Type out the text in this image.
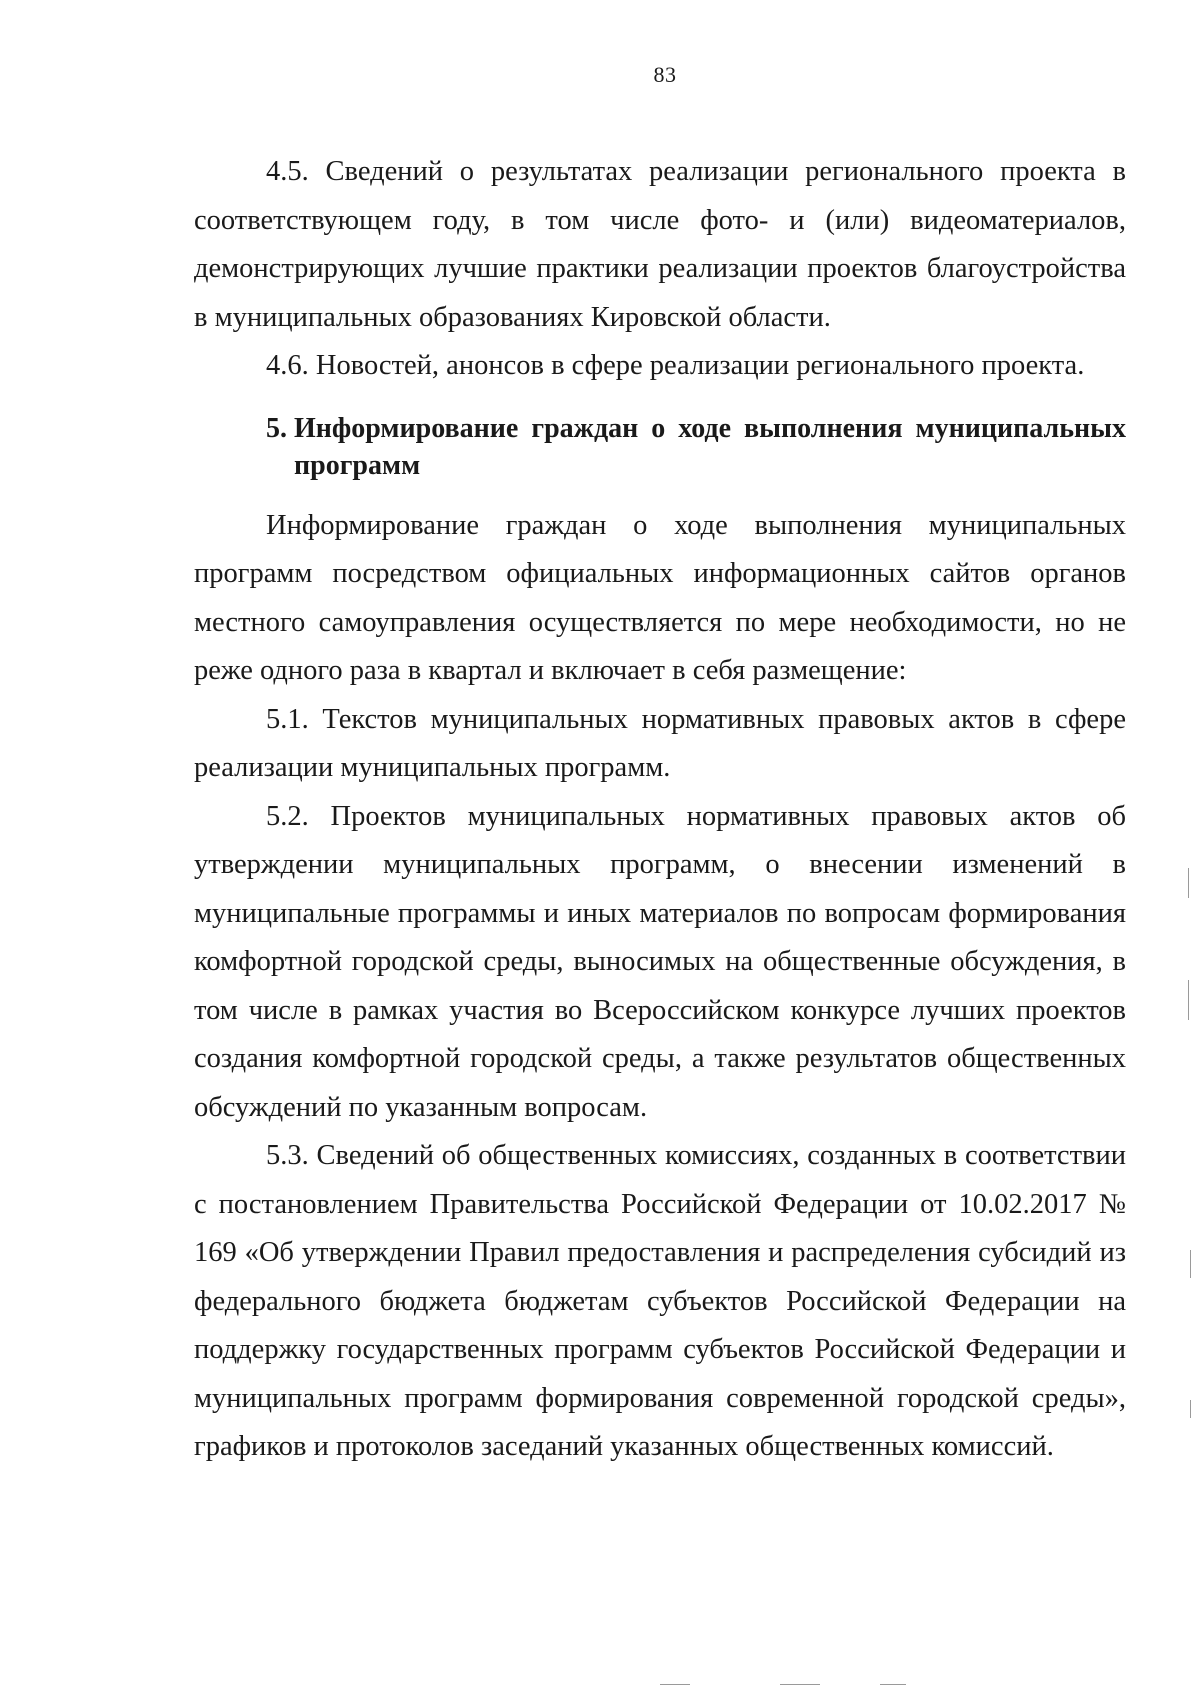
83

4.5. Сведений о результатах реализации регионального проекта в соответствующем году, в том числе фото- и (или) видеоматериалов, демонстрирующих лучшие практики реализации проектов благоустройства в муниципальных образованиях Кировской области.

4.6. Новостей, анонсов в сфере реализации регионального проекта.

5. Информирование граждан о ходе выполнения муниципальных программ

Информирование граждан о ходе выполнения муниципальных программ посредством официальных информационных сайтов органов местного самоуправления осуществляется по мере необходимости, но не реже одного раза в квартал и включает в себя размещение:

5.1. Текстов муниципальных нормативных правовых актов в сфере реализации муниципальных программ.

5.2. Проектов муниципальных нормативных правовых актов об утверждении муниципальных программ, о внесении изменений в муниципальные программы и иных материалов по вопросам формирования комфортной городской среды, выносимых на общественные обсуждения, в том числе в рамках участия во Всероссийском конкурсе лучших проектов создания комфортной городской среды, а также результатов общественных обсуждений по указанным вопросам.

5.3. Сведений об общественных комиссиях, созданных в соответствии с постановлением Правительства Российской Федерации от 10.02.2017 № 169 «Об утверждении Правил предоставления и распределения субсидий из федерального бюджета бюджетам субъектов Российской Федерации на поддержку государственных программ субъектов Российской Федерации и муниципальных программ формирования современной городской среды», графиков и протоколов заседаний указанных общественных комиссий.
